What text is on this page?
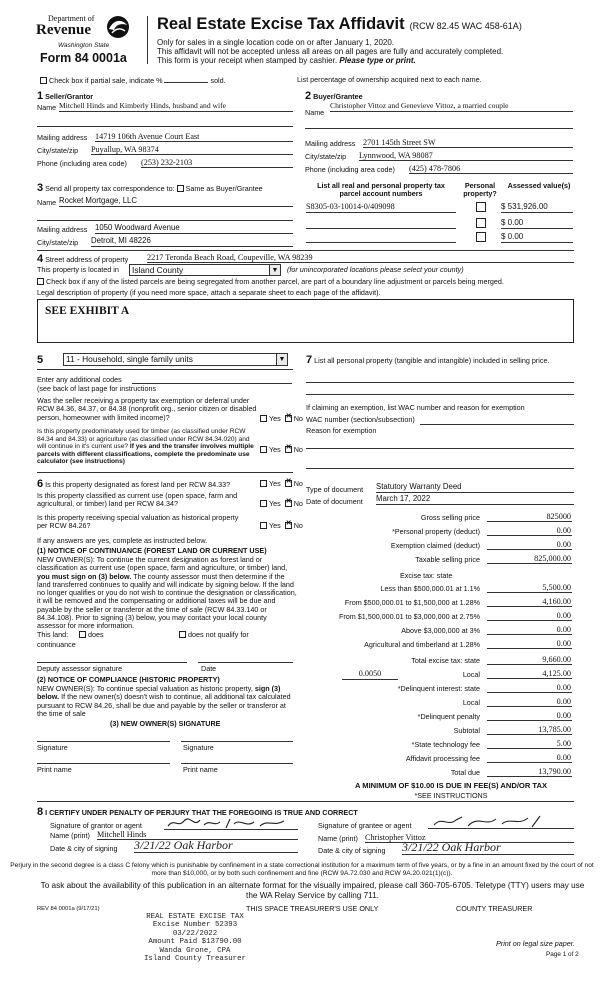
Department of
Revenue
Washington State
Form 84 0001a
Real Estate Excise Tax Affidavit (RCW 82.45 WAC 458-61A)
Only for sales in a single location code on or after January 1, 2020.
This affidavit will not be accepted unless all areas on all pages are fully and accurately completed.
This form is your receipt when stamped by cashier. Please type or print.
Check box if partial sale, indicate %	sold.	List percentage of ownership acquired next to each name.
1 Seller/Grantor
Name Mitchell Hinds and Kimberly Hinds, husband and wife
Mailing address 14719 106th Avenue Court East
City/state/zip Puyallup, WA 98374
Phone (including area code) (253) 232-2103
2 Buyer/Grantee
Name
Christopher Vittoz and Genevieve Vittoz, a married couple
Mailing address 2701 145th Street SW
City/state/zip Lynnwood, WA 98087
Phone (including area code) (425) 478-7806
3 Send all property tax correspondence to: Same as Buyer/Grantee
Name Rocket Mortgage, LLC
Mailing address 1050 Woodward Avenue
City/state/zip Detroit, MI 48226
List all real and personal property tax parcel account numbers
Personal property?
Assessed value(s)
S8305-03-10014-0/409098	$ 531,926.00
$ 0.00
$ 0.00
4 Street address of property 2217 Teronda Beach Road, Coupeville, WA 98239
This property is located in	Island County	▼ (for unincorporated locations please select your county)
Check box if any of the listed parcels are being segregated from another parcel, are part of a boundary line adjustment or parcels being merged.
Legal description of property (if you need more space, attach a separate sheet to each page of the affidavit).
SEE EXHIBIT A
5	11 - Household, single family units	▼
Enter any additional codes
(see back of last page for instructions
Was the seller receiving a property tax exemption or deferral under RCW 84.36, 84.37, or 84.38 (nonprofit org., senior citizen or disabled person, homeowner with limited income)?	Yes ✕ No
Is this property predominately used for timber (as classified under RCW 84.34 and 84.33) or agriculture (as classified under RCW 84.34.020) and will continue in it's current use? If yes and the transfer involves multiple parcels with different classifications, complete the predominate use calculator (see instructions)
Yes ✕ No
7 List all personal property (tangible and intangible) included in selling price.
If claiming an exemption, list WAC number and reason for exemption
WAC number (section/subsection)
Reason for exemption
Type of document Statutory Warranty Deed
Date of document March 17, 2022
6 Is this property designated as forest land per RCW 84.33?	Yes ✕ No
Is this property classified as current use (open space, farm and agricultural, or timber) land per RCW 84.34?	Yes ✕ No
Is this property receiving special valuation as historical property per RCW 84.26?	Yes ✕ No
If any answers are yes, complete as instructed below.
(1) NOTICE OF CONTINUANCE (FOREST LAND OR CURRENT USE)
NEW OWNER(S): To continue the current designation as forest land or classification as current use (open space, farm and agriculture, or timber) land, you must sign on (3) below. The county assessor must then determine if the land transferred continues to qualify and will indicate by signing below. If the land no longer qualifies or you do not wish to continue the designation or classification, it will be removed and the compensating or additional taxes will be due and payable by the seller or transferor at the time of sale (RCW 84.33.140 or 84.34.108). Prior to signing (3) below, you may contact your local county assessor for more information.
This land:	does	does not qualify for
continuance
Deputy assessor signature	Date
(2) NOTICE OF COMPLIANCE (HISTORIC PROPERTY)
NEW OWNER(S): To continue special valuation as historic property, sign (3) below. If the new owner(s) doesn't wish to continue, all additional tax calculated pursuant to RCW 84.26, shall be due and payable by the seller or transferor at the time of sale
(3) NEW OWNER(S) SIGNATURE
Signature	Signature
Print name	Print name
Gross selling price	825000
*Personal property (deduct)	0.00
Exemption claimed (deduct)	0.00
Taxable selling price	825,000.00
Excise tax: state
Less than $500,000.01 at 1.1%	5,500.00
From $500,000.01 to $1,500,000 at 1.28%	4,160.00
From $1,500,000.01 to $3,000,000 at 2.75%	0.00
Above $3,000,000 at 3%	0.00
Agricultural and timberland at 1.28%	0.00
Total excise tax: state	9,660.00
0.0050	Local	4,125.00
*Delinquent interest: state	0.00
Local	0.00
*Delinquent penalty	0.00
Subtotal	13,785.00
*State technology fee	5.00
Affidavit processing fee	0.00
Total due	13,790.00
A MINIMUM OF $10.00 IS DUE IN FEE(S) AND/OR TAX
*SEE INSTRUCTIONS
8 I CERTIFY UNDER PENALTY OF PERJURY THAT THE FOREGOING IS TRUE AND CORRECT
Signature of grantor or agent
Name (print) Mitchell Hinds
Date & city of signing 3/21/22 Oak Harbor
Signature of grantee or agent
Name (print) Christopher Vittoz
Date & city of signing 3/21/22 Oak Harbor
Perjury in the second degree is a class C felony which is punishable by confinement in a state correctional institution for a maximum term of five years, or by a fine in an amount fixed by the court of not more than $10,000, or by both such confinement and fine (RCW 9A.72.030 and RCW 9A.20.021(1)(c)).
To ask about the availability of this publication in an alternate format for the visually impaired, please call 360-705-6705. Teletype (TTY) users may use the WA Relay Service by calling 711.
REV 84 0001a (9/17/21)	THIS SPACE TREASURER'S USE ONLY	COUNTY TREASURER
REAL ESTATE EXCISE TAX
Excise Number 52393
03/22/2022
Amount Paid $13790.00
Wanda Grone, CPA
Island County Treasurer
Print on legal size paper.
Page 1 of 2
